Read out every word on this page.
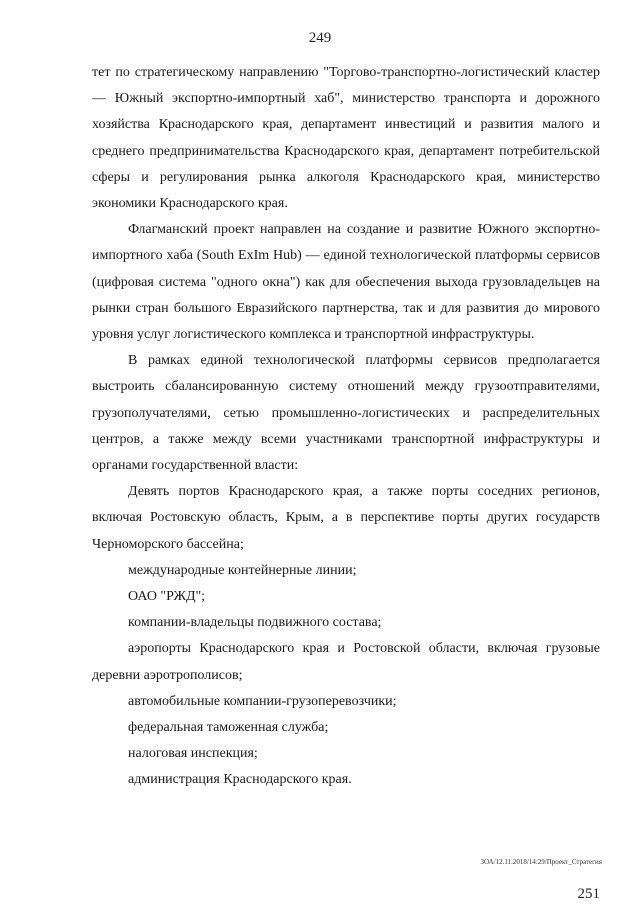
249

тет по стратегическому направлению "Торгово-транспортно-логистический кластер — Южный экспортно-импортный хаб", министерство транспорта и дорожного хозяйства Краснодарского края, департамент инвестиций и развития малого и среднего предпринимательства Краснодарского края, департамент потребительской сферы и регулирования рынка алкоголя Краснодарского края, министерство экономики Краснодарского края.

Флагманский проект направлен на создание и развитие Южного экспортно-импортного хаба (South ExIm Hub) — единой технологической платформы сервисов (цифровая система "одного окна") как для обеспечения выхода грузовладельцев на рынки стран большого Евразийского партнерства, так и для развития до мирового уровня услуг логистического комплекса и транспортной инфраструктуры.

В рамках единой технологической платформы сервисов предполагается выстроить сбалансированную систему отношений между грузоотправителями, грузополучателями, сетью промышленно-логистических и распределительных центров, а также между всеми участниками транспортной инфраструктуры и органами государственной власти:

Девять портов Краснодарского края, а также порты соседних регионов, включая Ростовскую область, Крым, а в перспективе порты других государств Черноморского бассейна;

международные контейнерные линии;

ОАО "РЖД";

компании-владельцы подвижного состава;

аэропорты Краснодарского края и Ростовской области, включая грузовые деревни аэротрополисов;

автомобильные компании-грузоперевозчики;

федеральная таможенная служба;

налоговая инспекция;

администрация Краснодарского края.

3ОА/12.11.2018/14:29/Проект_Стратегия
251
